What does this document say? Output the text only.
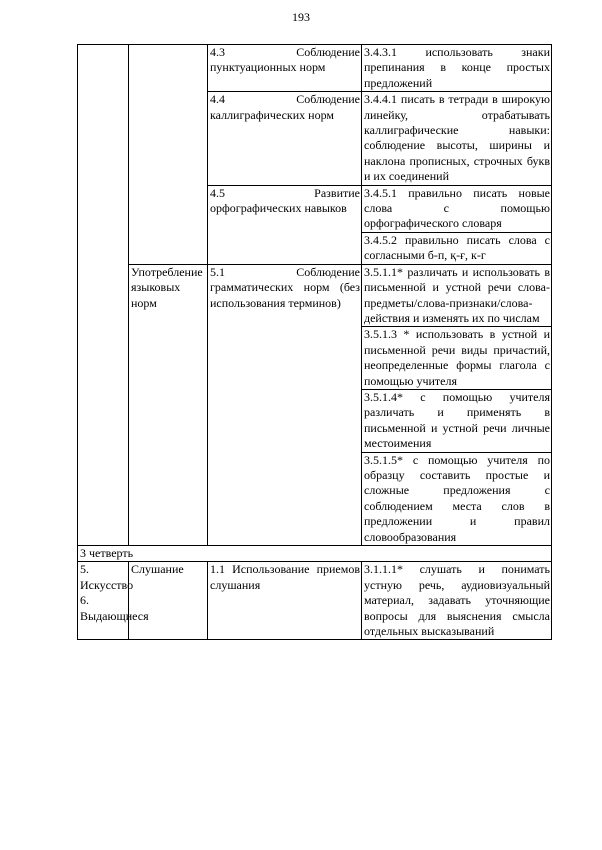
193
		4.3 Соблюдение пунктуационных норм	3.4.3.1 использовать знаки препинания в конце простых предложений
		4.4 Соблюдение каллиграфических норм	3.4.4.1 писать в тетради в широкую линейку, отрабатывать каллиграфические навыки: соблюдение высоты, ширины и наклона прописных, строчных букв и их соединений
		4.5 Развитие орфографических навыков	3.4.5.1 правильно писать новые слова с помощью орфографического словаря
			3.4.5.2 правильно писать слова с согласными б-п, қ-ғ, к-г
	Употребление языковых норм	5.1 Соблюдение грамматических норм (без использования терминов)	3.5.1.1* различать и использовать в письменной и устной речи слова-предметы/слова-признаки/слова-действия и изменять их по числам
			3.5.1.3 * использовать в устной и письменной речи виды причастий, неопределенные формы глагола с помощью учителя
			3.5.1.4* с помощью учителя различать и применять в письменной и устной речи личные местоимения
			3.5.1.5* с помощью учителя по образцу составить простые и сложные предложения с соблюдением места слов в предложении и правил словообразования
3 четверть			
5. Искусство 6. Выдающиеся	Слушание	1.1 Использование приемов слушания	3.1.1.1* слушать и понимать устную речь, аудиовизуальный материал, задавать уточняющие вопросы для выяснения смысла отдельных высказываний
